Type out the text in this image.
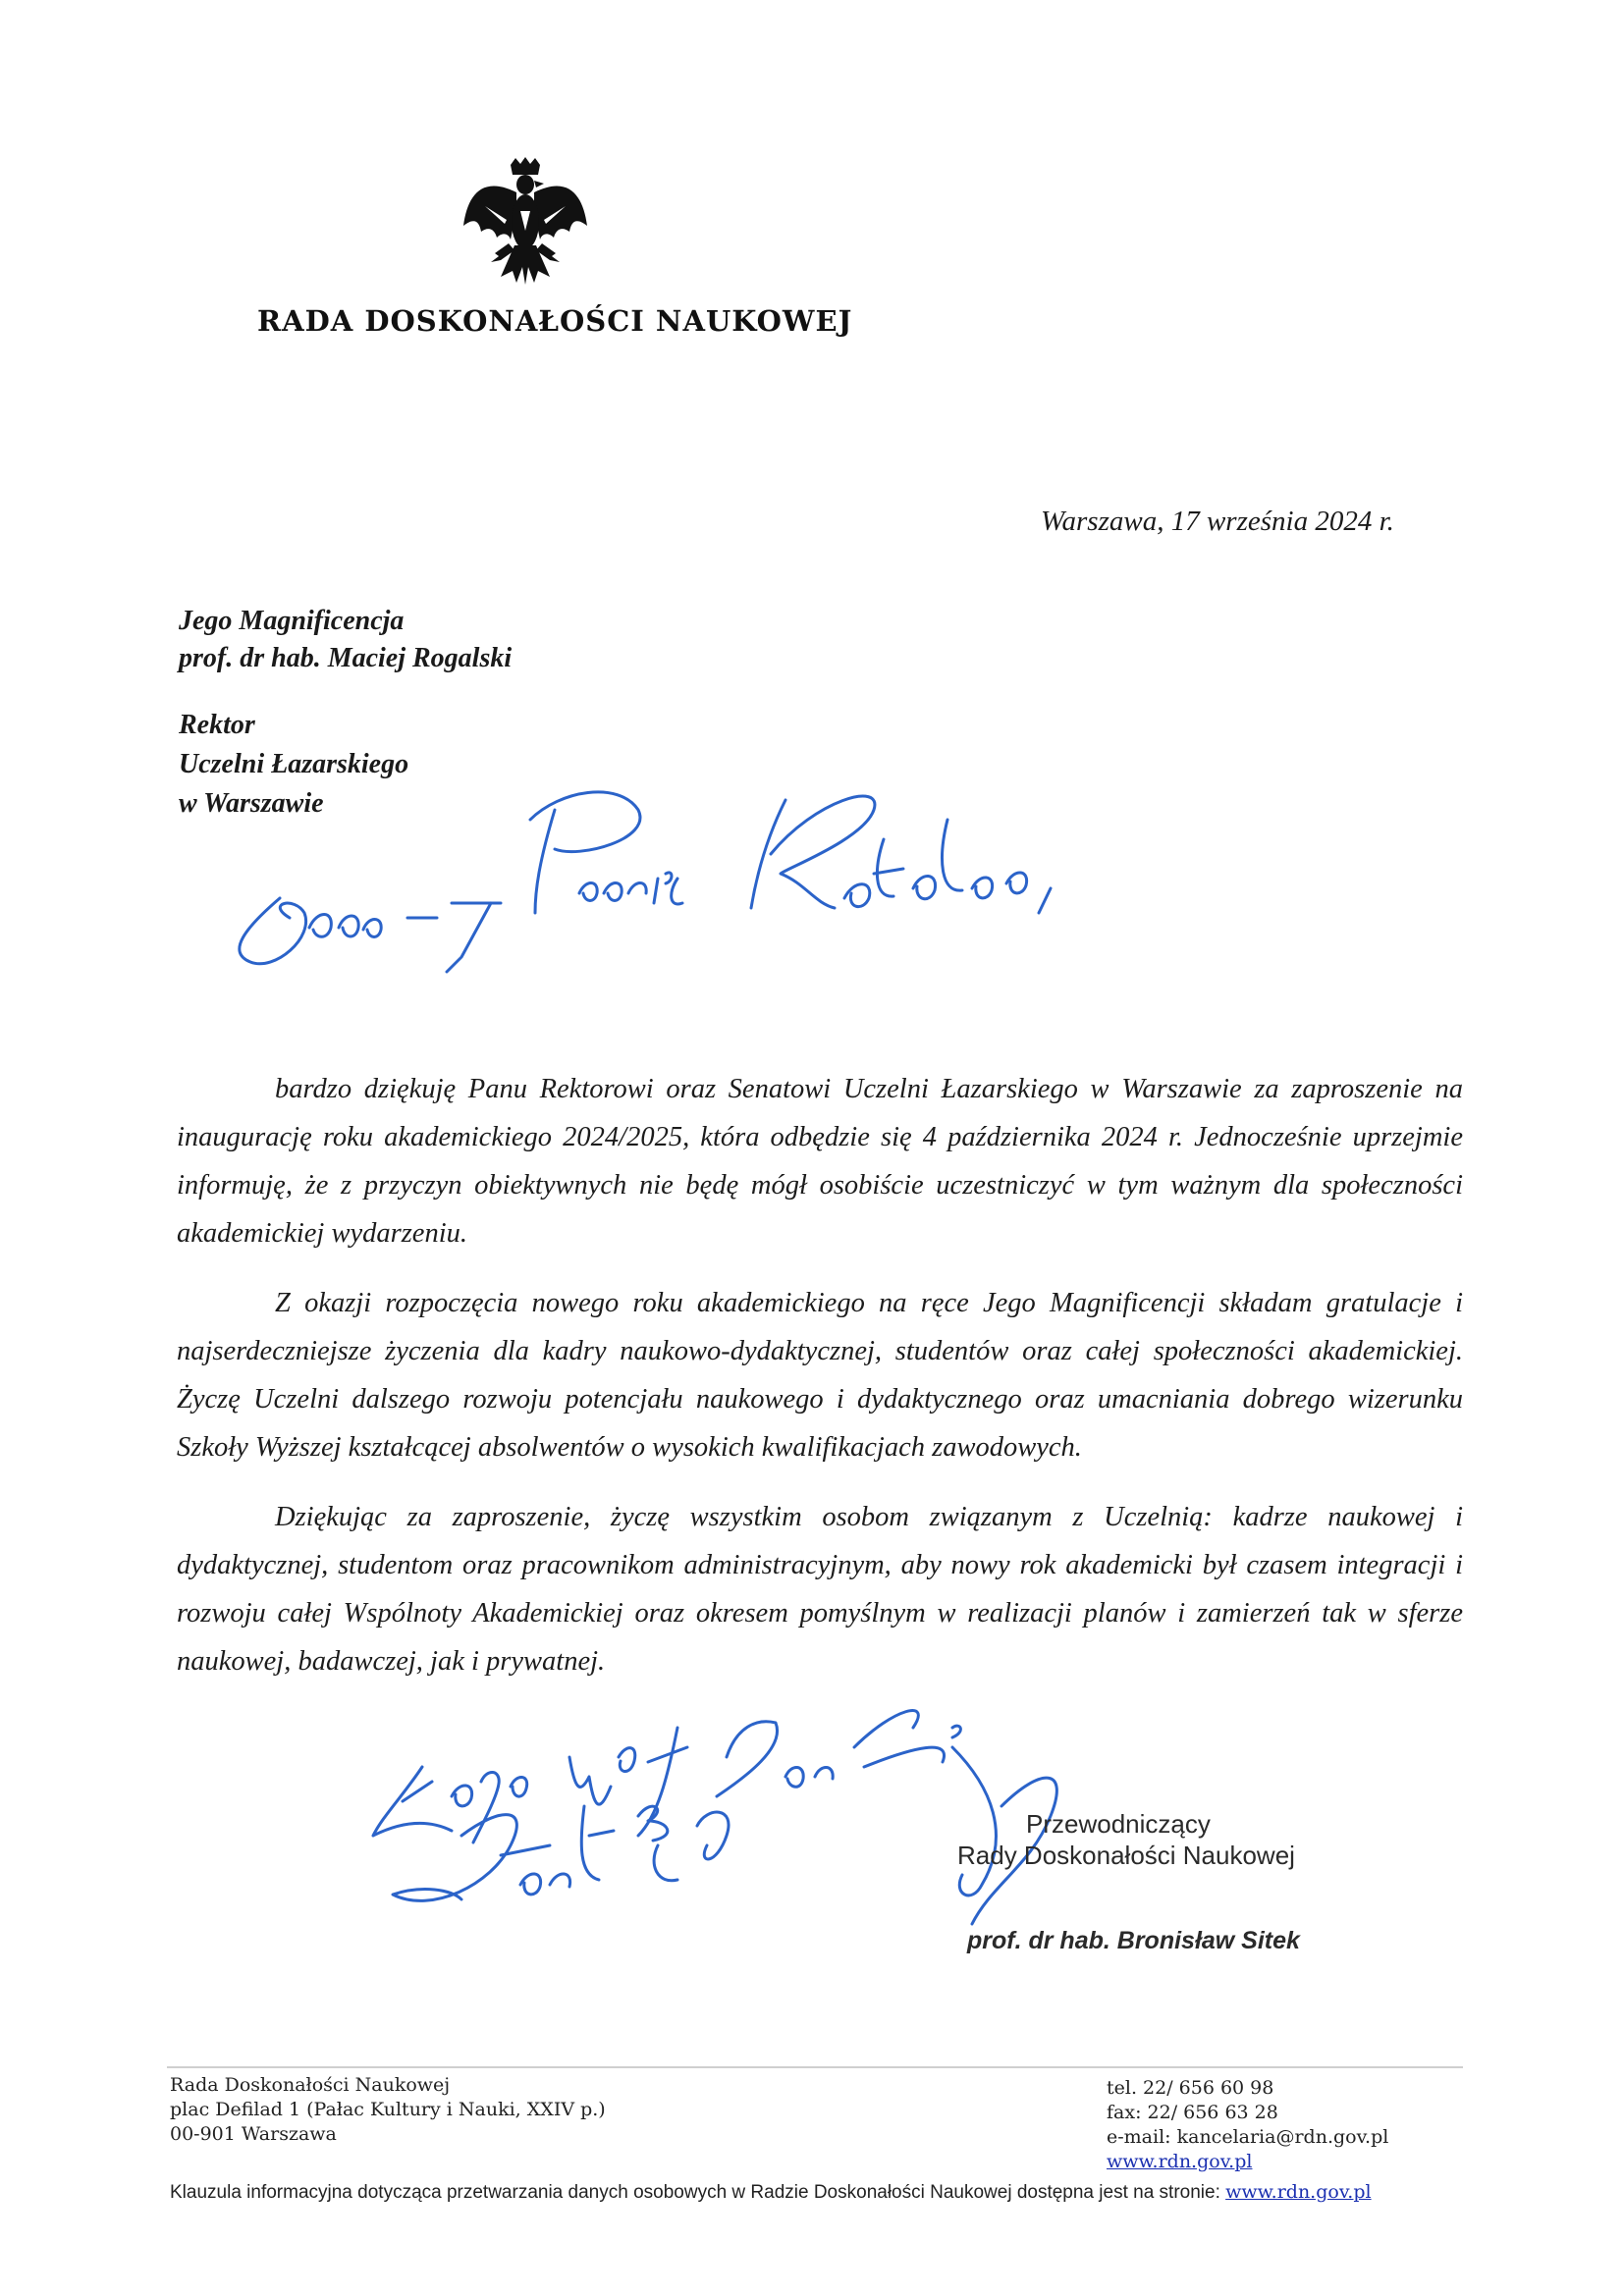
RADA DOSKONAŁOŚCI NAUKOWEJ
Warszawa, 17 września 2024 r.
Jego Magnificencja
prof. dr hab. Maciej Rogalski
Rektor
Uczelni Łazarskiego
w Warszawie

bardzo dziękuję Panu Rektorowi oraz Senatowi Uczelni Łazarskiego w Warszawie za zaproszenie na inaugurację roku akademickiego 2024/2025, która odbędzie się 4 października 2024 r. Jednocześnie uprzejmie informuję, że z przyczyn obiektywnych nie będę mógł osobiście uczestniczyć w tym ważnym dla społeczności akademickiej wydarzeniu.

Z okazji rozpoczęcia nowego roku akademickiego na ręce Jego Magnificencji składam gratulacje i najserdeczniejsze życzenia dla kadry naukowo-dydaktycznej, studentów oraz całej społeczności akademickiej. Życzę Uczelni dalszego rozwoju potencjału naukowego i dydaktycznego oraz umacniania dobrego wizerunku Szkoły Wyższej kształcącej absolwentów o wysokich kwalifikacjach zawodowych.

Dziękując za zaproszenie, życzę wszystkim osobom związanym z Uczelnią: kadrze naukowej i dydaktycznej, studentom oraz pracownikom administracyjnym, aby nowy rok akademicki był czasem integracji i rozwoju całej Wspólnoty Akademickiej oraz okresem pomyślnym w realizacji planów i zamierzeń tak w sferze naukowej, badawczej, jak i prywatnej.

Przewodniczący
Rady Doskonałości Naukowej
prof. dr hab. Bronisław Sitek
Rada Doskonałości Naukowej
plac Defilad 1 (Pałac Kultury i Nauki, XXIV p.)
00-901 Warszawa
tel. 22/ 656 60 98
fax: 22/ 656 63 28
e-mail: kancelaria@rdn.gov.pl
www.rdn.gov.pl
Klauzula informacyjna dotycząca przetwarzania danych osobowych w Radzie Doskonałości Naukowej dostępna jest na stronie: www.rdn.gov.pl
